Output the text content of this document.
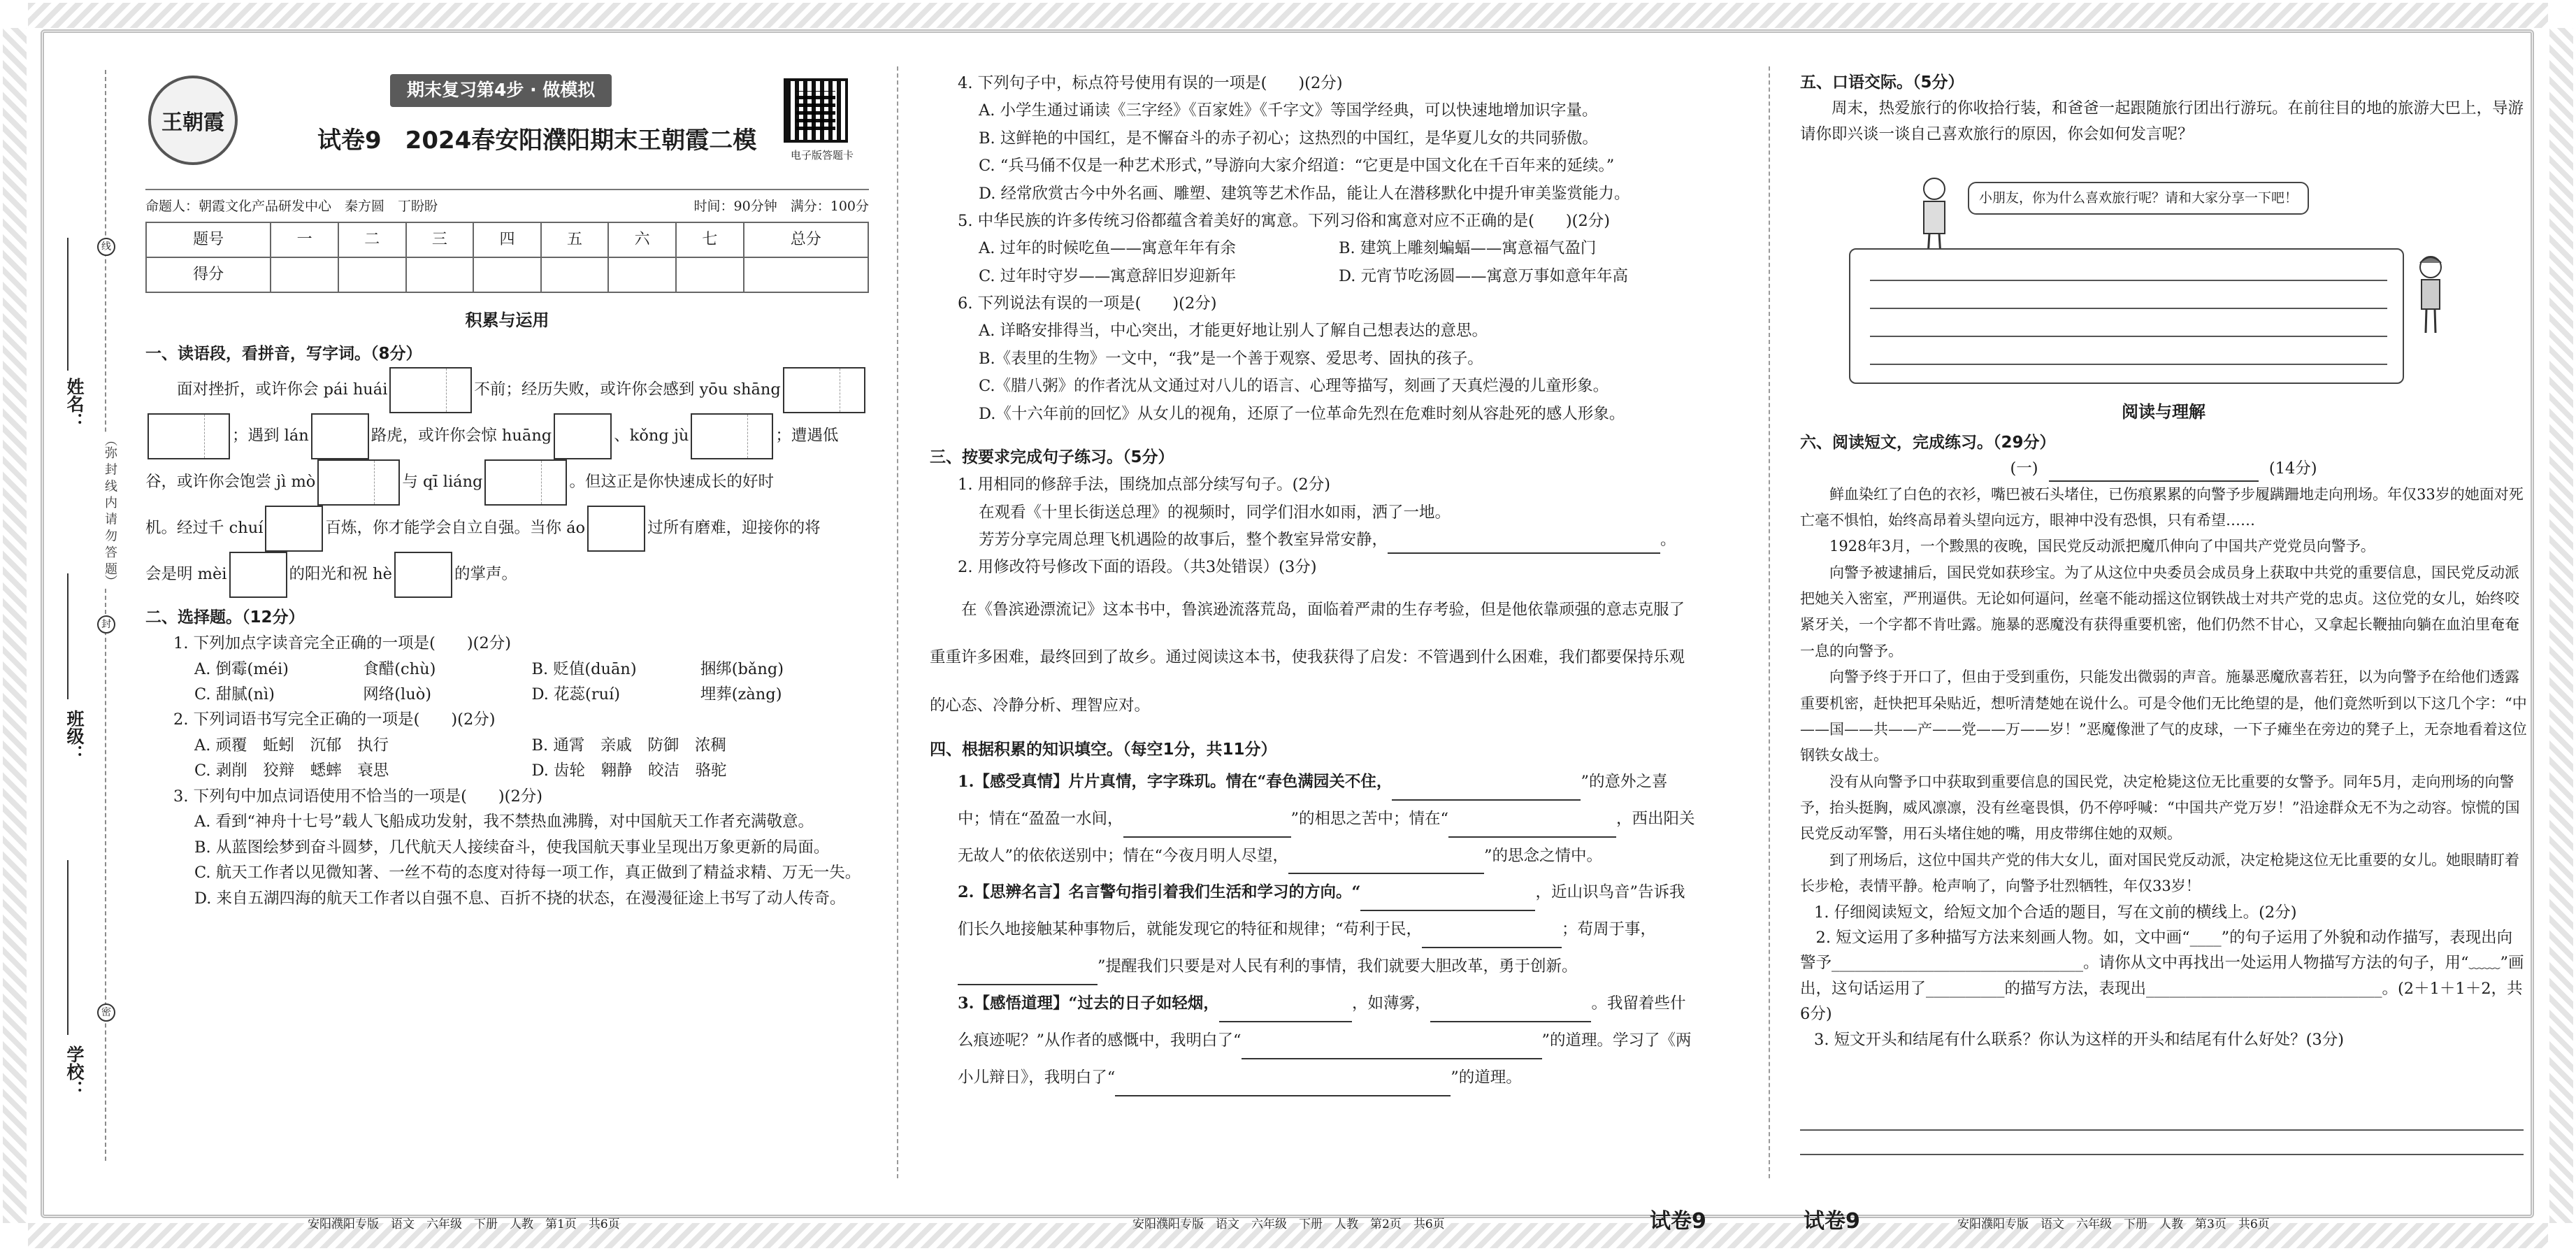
姓名：
班级：
学校：
（弥 封 线 内 请 勿 答 题）
线
封
密
王朝霞
期末复习第4步 · 做模拟
试卷9　2024春安阳濮阳期末王朝霞二模
电子版答题卡
命题人：朝霞文化产品研发中心　秦方圆　丁盼盼	时间：90分钟　满分：100分
题号	一	二	三	四	五	六	七	总分
得分								
积累与运用
一、读语段，看拼音，写字词。（8分）
面对挫折，或许你会 pái huái	不前；经历失败，或许你会感到 yōu shāng
；遇到 lán	路虎，或许你会惊 huāng	、kǒng jù	；遭遇低
谷，或许你会饱尝 jì mò	与 qī liáng	。但这正是你快速成长的好时
机。经过千 chuí	百炼，你才能学会自立自强。当你 áo	过所有磨难，迎接你的将
会是明 mèi	的阳光和祝 hè	的掌声。
二、选择题。（12分）
1. 下列加点字读音完全正确的一项是(　　)(2分)
A. 倒霉(méi)	食醋(chù)	B. 贬值(duān)	捆绑(bǎng)
C. 甜腻(nì)	网络(luò)	D. 花蕊(ruí)	埋葬(zàng)
2. 下列词语书写完全正确的一项是(　　)(2分)
A. 顽覆　蚯蚓　沉郁　执行	B. 通霄　亲戚　防御　浓稠
C. 剥削　狡辩　蟋蟀　衰思	D. 齿轮　翱静　皎洁　骆驼
3. 下列句中加点词语使用不恰当的一项是(　　)(2分)
A. 看到“神舟十七号”载人飞船成功发射，我不禁热血沸腾，对中国航天工作者充满敬意。
B. 从蓝图绘梦到奋斗圆梦，几代航天人接续奋斗，使我国航天事业呈现出万象更新的局面。
C. 航天工作者以见微知著、一丝不苟的态度对待每一项工作，真正做到了精益求精、万无一失。
D. 来自五湖四海的航天工作者以自强不息、百折不挠的状态，在漫漫征途上书写了动人传奇。
4. 下列句子中，标点符号使用有误的一项是(　　)(2分)
A. 小学生通过诵读《三字经》《百家姓》《千字文》等国学经典，可以快速地增加识字量。
B. 这鲜艳的中国红，是不懈奋斗的赤子初心；这热烈的中国红，是华夏儿女的共同骄傲。
C. “兵马俑不仅是一种艺术形式，”导游向大家介绍道：“它更是中国文化在千百年来的延续。”
D. 经常欣赏古今中外名画、雕塑、建筑等艺术作品，能让人在潜移默化中提升审美鉴赏能力。
5. 中华民族的许多传统习俗都蕴含着美好的寓意。下列习俗和寓意对应不正确的是(　　)(2分)
A. 过年的时候吃鱼——寓意年年有余	B. 建筑上雕刻蝙蝠——寓意福气盈门
C. 过年时守岁——寓意辞旧岁迎新年	D. 元宵节吃汤圆——寓意万事如意年年高
6. 下列说法有误的一项是(　　)(2分)
A. 详略安排得当，中心突出，才能更好地让别人了解自己想表达的意思。
B.《表里的生物》一文中，“我”是一个善于观察、爱思考、固执的孩子。
C.《腊八粥》的作者沈从文通过对八儿的语言、心理等描写，刻画了天真烂漫的儿童形象。
D.《十六年前的回忆》从女儿的视角，还原了一位革命先烈在危难时刻从容赴死的感人形象。
三、按要求完成句子练习。（5分）
1. 用相同的修辞手法，围绕加点部分续写句子。(2分)
在观看《十里长街送总理》的视频时，同学们泪水如雨，洒了一地。
芳芳分享完周总理飞机遇险的故事后，整个教室异常安静，	。
2. 用修改符号修改下面的语段。（共3处错误）(3分)
在《鲁滨逊漂流记》这本书中，鲁滨逊流落荒岛，面临着严肃的生存考验，但是他依靠顽强的意志克服了重重许多困难，最终回到了故乡。通过阅读这本书，使我获得了启发：不管遇到什么困难，我们都要保持乐观的心态、冷静分析、理智应对。
四、根据积累的知识填空。（每空1分，共11分）
1.【感受真情】片片真情，字字珠玑。情在“春色满园关不住，	”的意外之喜中；情在“盈盈一水间，	”的相思之苦中；情在“	，西出阳关无故人”的依依送别中；情在“今夜月明人尽望，	”的思念之情中。
2.【思辨名言】名言警句指引着我们生活和学习的方向。“	，近山识鸟音”告诉我们长久地接触某种事物后，就能发现它的特征和规律；“苟利于民，	；苟周于事，”提醒我们只要是对人民有利的事情，我们就要大胆改革，勇于创新。
3.【感悟道理】“过去的日子如轻烟，	，如薄雾，	。我留着些什么痕迹呢？”从作者的感慨中，我明白了“	”的道理。学习了《两小儿辩日》，我明白了“	”的道理。
五、口语交际。（5分）
周末，热爱旅行的你收拾行装，和爸爸一起跟随旅行团出行游玩。在前往目的地的旅游大巴上，导游请你即兴谈一谈自己喜欢旅行的原因，你会如何发言呢？
小朋友，你为什么喜欢旅行呢？请和大家分享一下吧！
阅读与理解
六、阅读短文，完成练习。（29分）
(一)	(14分)

鲜血染红了白色的衣衫，嘴巴被石头堵住，已伤痕累累的向警予步履蹒跚地走向刑场。年仅33岁的她面对死亡毫不惧怕，始终高昂着头望向远方，眼神中没有恐惧，只有希望……

1928年3月，一个黢黑的夜晚，国民党反动派把魔爪伸向了中国共产党党员向警予。

向警予被逮捕后，国民党如获珍宝。为了从这位中央委员会成员身上获取中共党的重要信息，国民党反动派把她关入密室，严刑逼供。无论如何逼问，丝毫不能动摇这位钢铁战士对共产党的忠贞。这位党的女儿，始终咬紧牙关，一个字都不肯吐露。施暴的恶魔没有获得重要机密，他们仍然不甘心，又拿起长鞭抽向躺在血泊里奄奄一息的向警予。

向警予终于开口了，但由于受到重伤，只能发出微弱的声音。施暴恶魔欣喜若狂，以为向警予在给他们透露重要机密，赶快把耳朵贴近，想听清楚她在说什么。可是令他们无比绝望的是，他们竟然听到以下这几个字：“中——国——共——产——党——万——岁！”恶魔像泄了气的皮球，一下子瘫坐在旁边的凳子上，无奈地看着这位钢铁女战士。

没有从向警予口中获取到重要信息的国民党，决定枪毙这位无比重要的女警予。同年5月，走向刑场的向警予，抬头挺胸，威风凛凛，没有丝毫畏惧，仍不停呼喊：“中国共产党万岁！”沿途群众无不为之动容。惊慌的国民党反动军警，用石头堵住她的嘴，用皮带绑住她的双颊。

到了刑场后，这位中国共产党的伟大女儿，面对国民党反动派，决定枪毙这位无比重要的女儿。她眼睛盯着长步枪，表情平静。枪声响了，向警予壮烈牺牲，年仅33岁！

1. 仔细阅读短文，给短文加个合适的题目，写在文前的横线上。(2分)
2. 短文运用了多种描写方法来刻画人物。如，文中画“____”的句子运用了外貌和动作描写，表现出向警予________________________________。请你从文中再找出一处运用人物描写方法的句子，用“﹏﹏”画出，这句话运用了__________的描写方法，表现出______________________________。(2＋1＋1＋2，共6分)
3. 短文开头和结尾有什么联系？你认为这样的开头和结尾有什么好处？(3分)
安阳濮阳专版　语文　六年级　下册　人教　第1页　共6页	安阳濮阳专版　语文　六年级　下册　人教　第2页　共6页	试卷9	试卷9	安阳濮阳专版　语文　六年级　下册　人教　第3页　共6页
